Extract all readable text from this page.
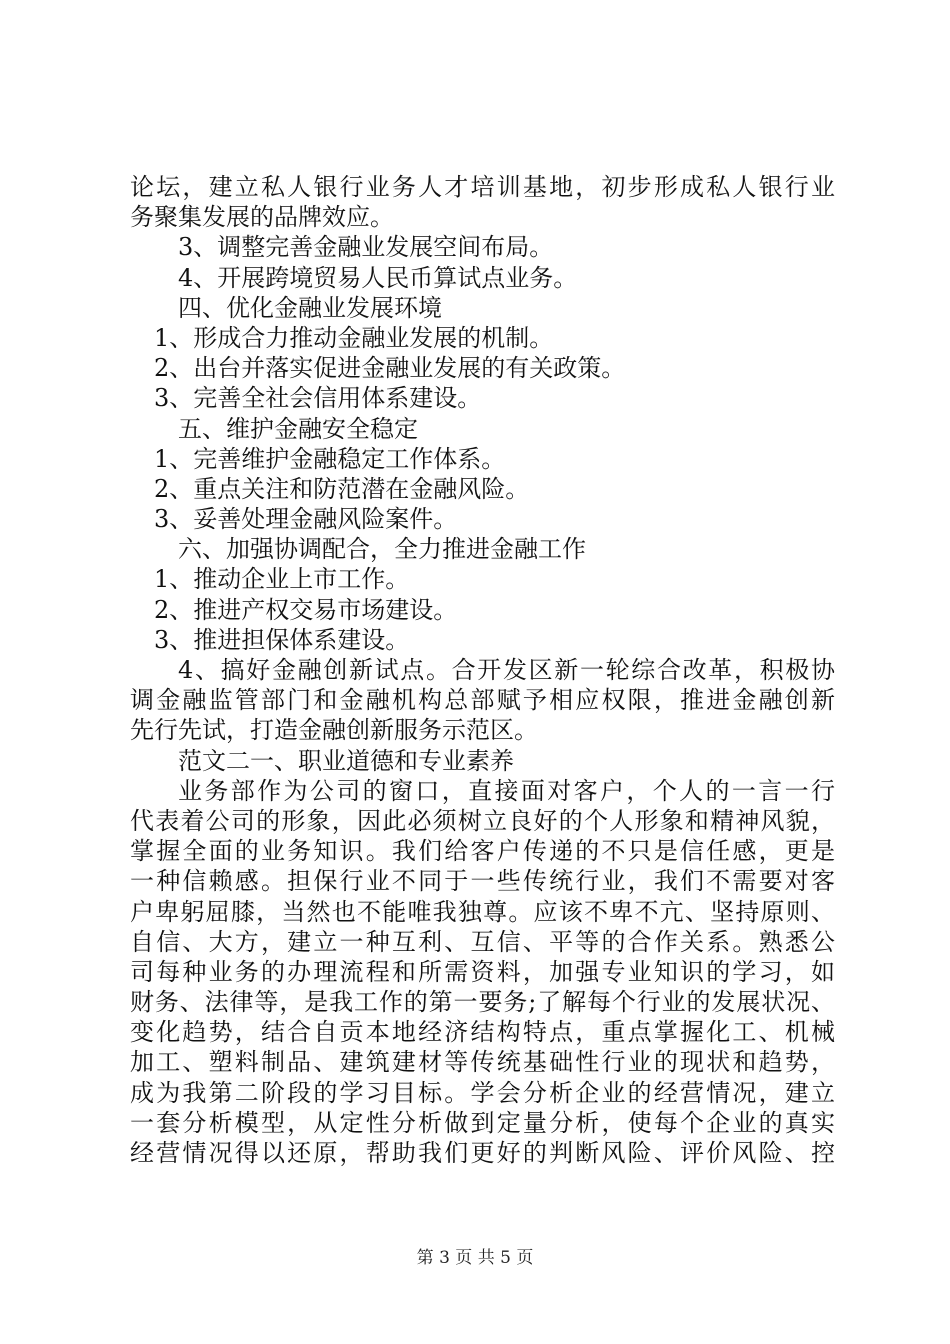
论坛，建立私人银行业务人才培训基地，初步形成私人银行业
务聚集发展的品牌效应。
3、调整完善金融业发展空间布局。
4、开展跨境贸易人民币算试点业务。
四、优化金融业发展环境
1、形成合力推动金融业发展的机制。
2、出台并落实促进金融业发展的有关政策。
3、完善全社会信用体系建设。
五、维护金融安全稳定
1、完善维护金融稳定工作体系。
2、重点关注和防范潜在金融风险。
3、妥善处理金融风险案件。
六、加强协调配合，全力推进金融工作
1、推动企业上市工作。
2、推进产权交易市场建设。
3、推进担保体系建设。
4、搞好金融创新试点。合开发区新一轮综合改革，积极协
调金融监管部门和金融机构总部赋予相应权限，推进金融创新
先行先试，打造金融创新服务示范区。
范文二一、职业道德和专业素养
业务部作为公司的窗口，直接面对客户，个人的一言一行
代表着公司的形象，因此必须树立良好的个人形象和精神风貌，
掌握全面的业务知识。我们给客户传递的不只是信任感，更是
一种信赖感。担保行业不同于一些传统行业，我们不需要对客
户卑躬屈膝，当然也不能唯我独尊。应该不卑不亢、坚持原则、
自信、大方，建立一种互利、互信、平等的合作关系。熟悉公
司每种业务的办理流程和所需资料，加强专业知识的学习，如
财务、法律等，是我工作的第一要务;了解每个行业的发展状况、
变化趋势，结合自贡本地经济结构特点，重点掌握化工、机械
加工、塑料制品、建筑建材等传统基础性行业的现状和趋势，
成为我第二阶段的学习目标。学会分析企业的经营情况，建立
一套分析模型，从定性分析做到定量分析，使每个企业的真实
经营情况得以还原，帮助我们更好的判断风险、评价风险、控
第 3 页 共 5 页
